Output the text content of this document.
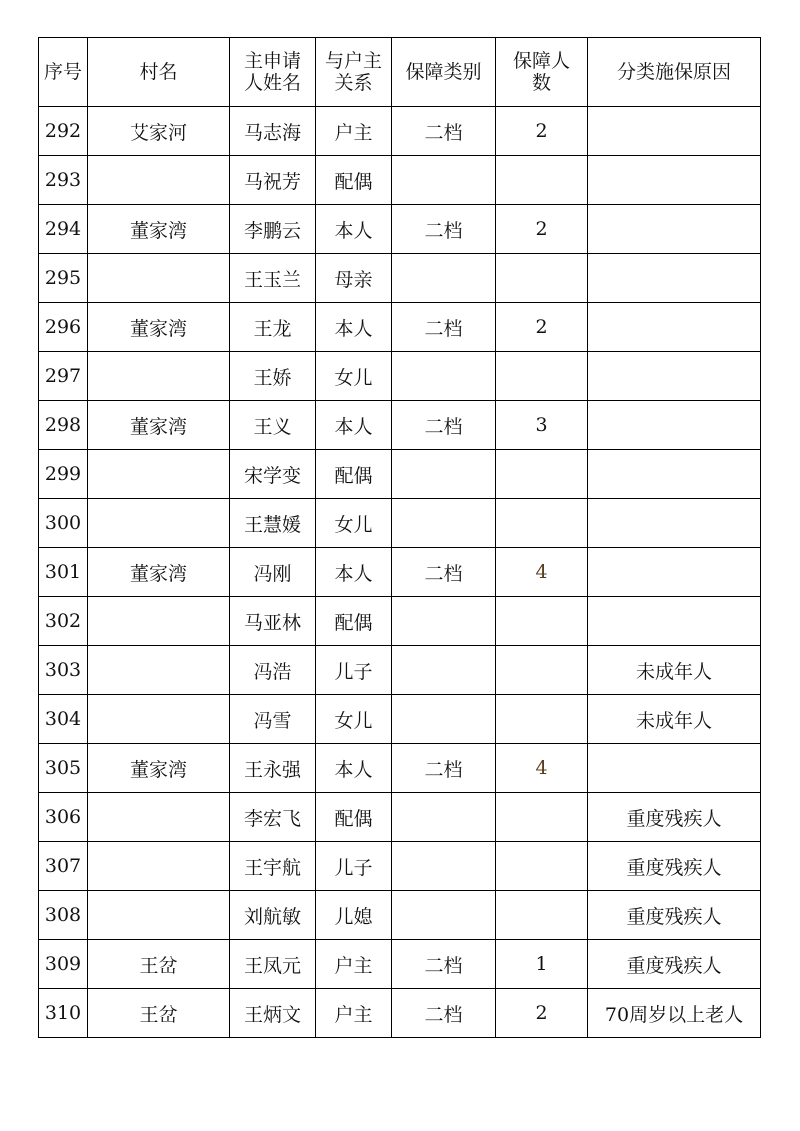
序号	村名	主申请人姓名	与户主关系	保障类别	保障人数	分类施保原因
292	艾家河	马志海	户主	二档	2	
293		马祝芳	配偶			
294	董家湾	李鹏云	本人	二档	2	
295		王玉兰	母亲			
296	董家湾	王龙	本人	二档	2	
297		王娇	女儿			
298	董家湾	王义	本人	二档	3	
299		宋学变	配偶			
300		王慧媛	女儿			
301	董家湾	冯刚	本人	二档	4	
302		马亚林	配偶			
303		冯浩	儿子			未成年人
304		冯雪	女儿			未成年人
305	董家湾	王永强	本人	二档	4	
306		李宏飞	配偶			重度残疾人
307		王宇航	儿子			重度残疾人
308		刘航敏	儿媳			重度残疾人
309	王岔	王凤元	户主	二档	1	重度残疾人
310	王岔	王炳文	户主	二档	2	70周岁以上老人
